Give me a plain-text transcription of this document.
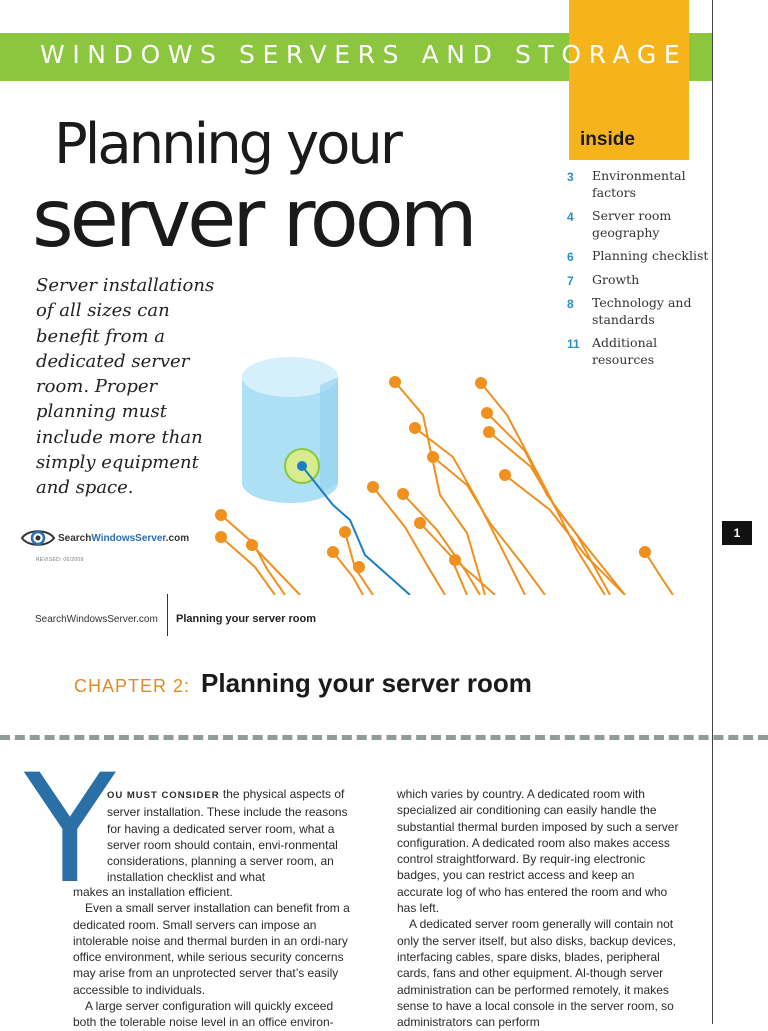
WINDOWS SERVERS AND STORAGE
Planning your
server room
Server installations of all sizes can benefit from a dedicated server room. Proper planning must include more than simply equipment and space.
inside
3	Environmental factors
4	Server room geography
6	Planning checklist
7	Growth
8	Technology and standards
11 Additional resources
1
SearchWindowsServer.com
REVISED: 06/2009
SearchWindowsServer.com Planning your server room
CHAPTER 2: Planning your server room
Y

OU MUST CONSIDER the physical aspects of server installation. These include the reasons for having a dedicated server room, what a server room should contain, envi-ronmental considerations, planning a server room, an installation checklist and what

makes an installation efficient.

Even a small server installation can benefit from a dedicated room. Small servers can impose an intolerable noise and thermal burden in an ordi-nary office environment, while serious security concerns may arise from an unprotected server that’s easily accessible to individuals.

A large server configuration will quickly exceed both the tolerable noise level in an office environ-

which varies by country. A dedicated room with specialized air conditioning can easily handle the substantial thermal burden imposed by such a server configuration. A dedicated room also makes access control straightforward. By requir-ing electronic badges, you can restrict access and keep an accurate log of who has entered the room and who has left.

A dedicated server room generally will contain not only the server itself, but also disks, backup devices, interfacing cables, spare disks, blades, peripheral cards, fans and other equipment. Al-though server administration can be performed remotely, it makes sense to have a local console in the server room, so administrators can perform
